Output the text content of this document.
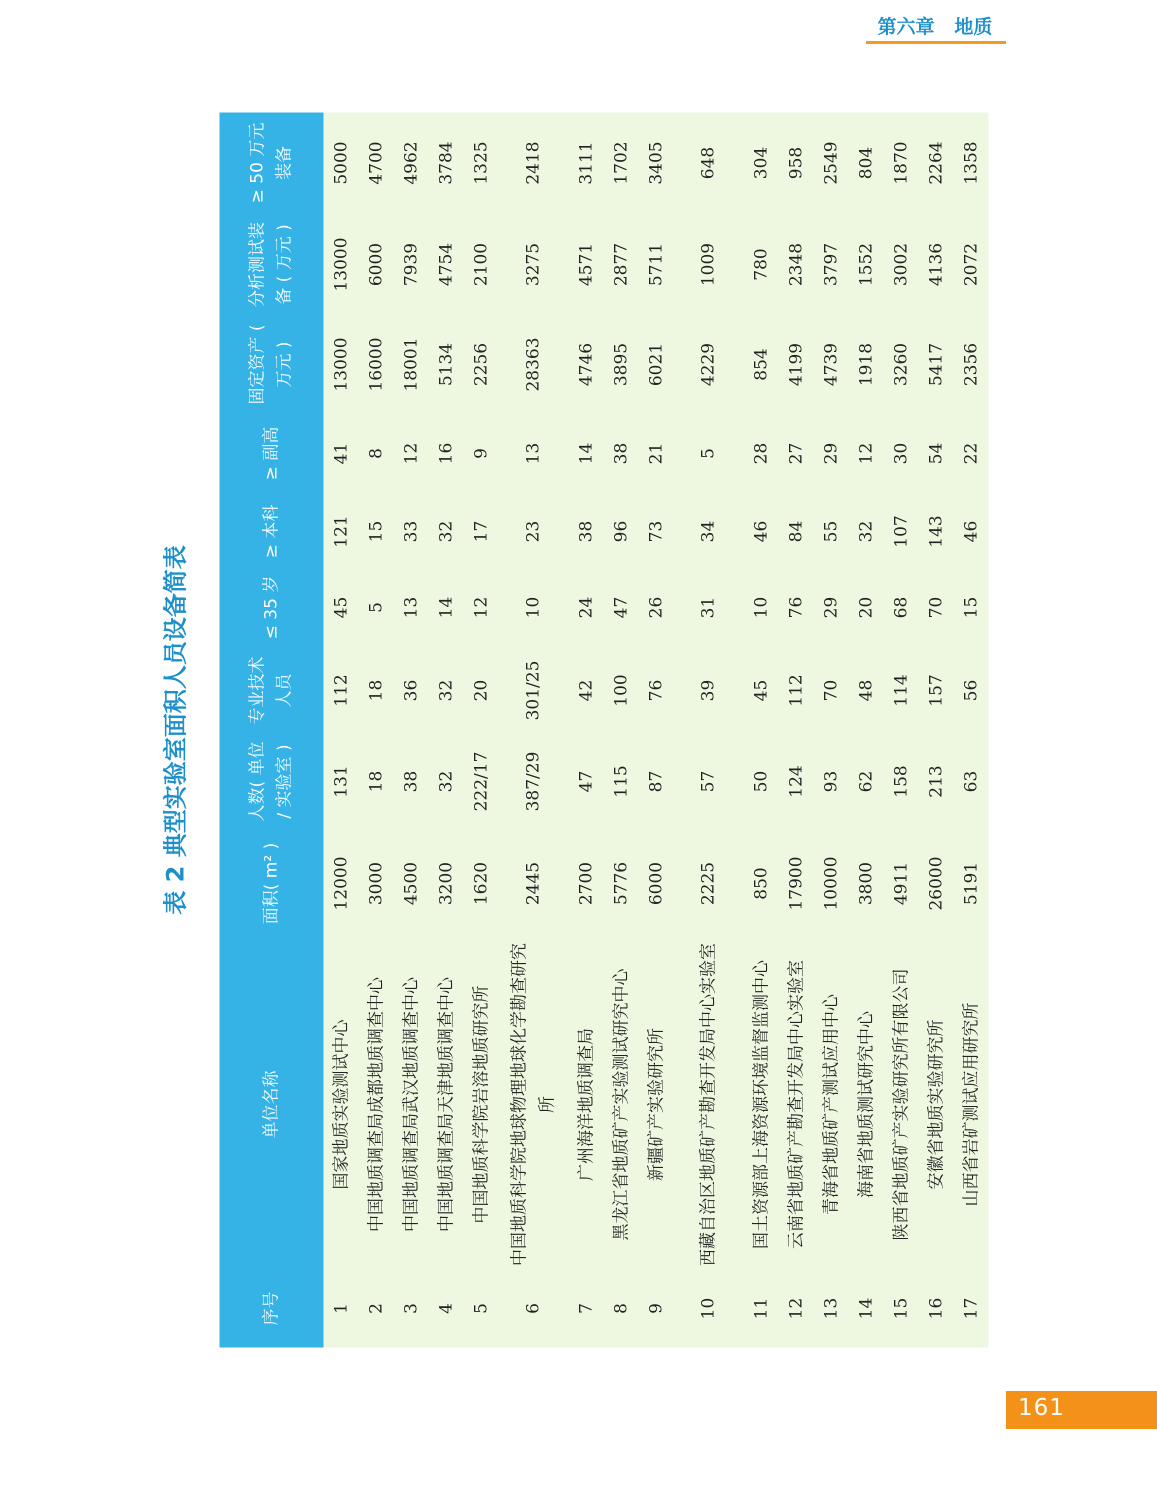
第六章 地质
表 2 典型实验室面积人员设备简表
序号	单位名称	面积( m² )	人数( 单位 / 实验室 )	专业技术人员	≤ 35 岁	≥ 本科	≥ 副高	固定资产 ( 万元 )	分析测试装备 ( 万元 )	≥ 50 万元装备
1	国家地质实验测试中心	12000	131	112	45	121	41	13000	13000	5000
2	中国地质调查局成都地质调查中心	3000	18	18	5	15	8	16000	6000	4700
3	中国地质调查局武汉地质调查中心	4500	38	36	13	33	12	18001	7939	4962
4	中国地质调查局天津地质调查中心	3200	32	32	14	32	16	5134	4754	3784
5	中国地质科学院岩溶地质研究所	1620	222/17	20	12	17	9	2256	2100	1325
6	中国地质科学院地球物理地球化学勘查研究所	2445	387/29	301/25	10	23	13	28363	3275	2418
7	广州海洋地质调查局	2700	47	42	24	38	14	4746	4571	3111
8	黑龙江省地质矿产实验测试研究中心	5776	115	100	47	96	38	3895	2877	1702
9	新疆矿产实验研究所	6000	87	76	26	73	21	6021	5711	3405
10	西藏自治区地质矿产勘查开发局中心实验室	2225	57	39	31	34	5	4229	1009	648
11	国土资源部上海资源环境监督监测中心	850	50	45	10	46	28	854	780	304
12	云南省地质矿产勘查开发局中心实验室	17900	124	112	76	84	27	4199	2348	958
13	青海省地质矿产测试应用中心	10000	93	70	29	55	29	4739	3797	2549
14	海南省地质测试研究中心	3800	62	48	20	32	12	1918	1552	804
15	陕西省地质矿产实验研究所有限公司	4911	158	114	68	107	30	3260	3002	1870
16	安徽省地质实验研究所	26000	213	157	70	143	54	5417	4136	2264
17	山西省岩矿测试应用研究所	5191	63	56	15	46	22	2356	2072	1358
161
